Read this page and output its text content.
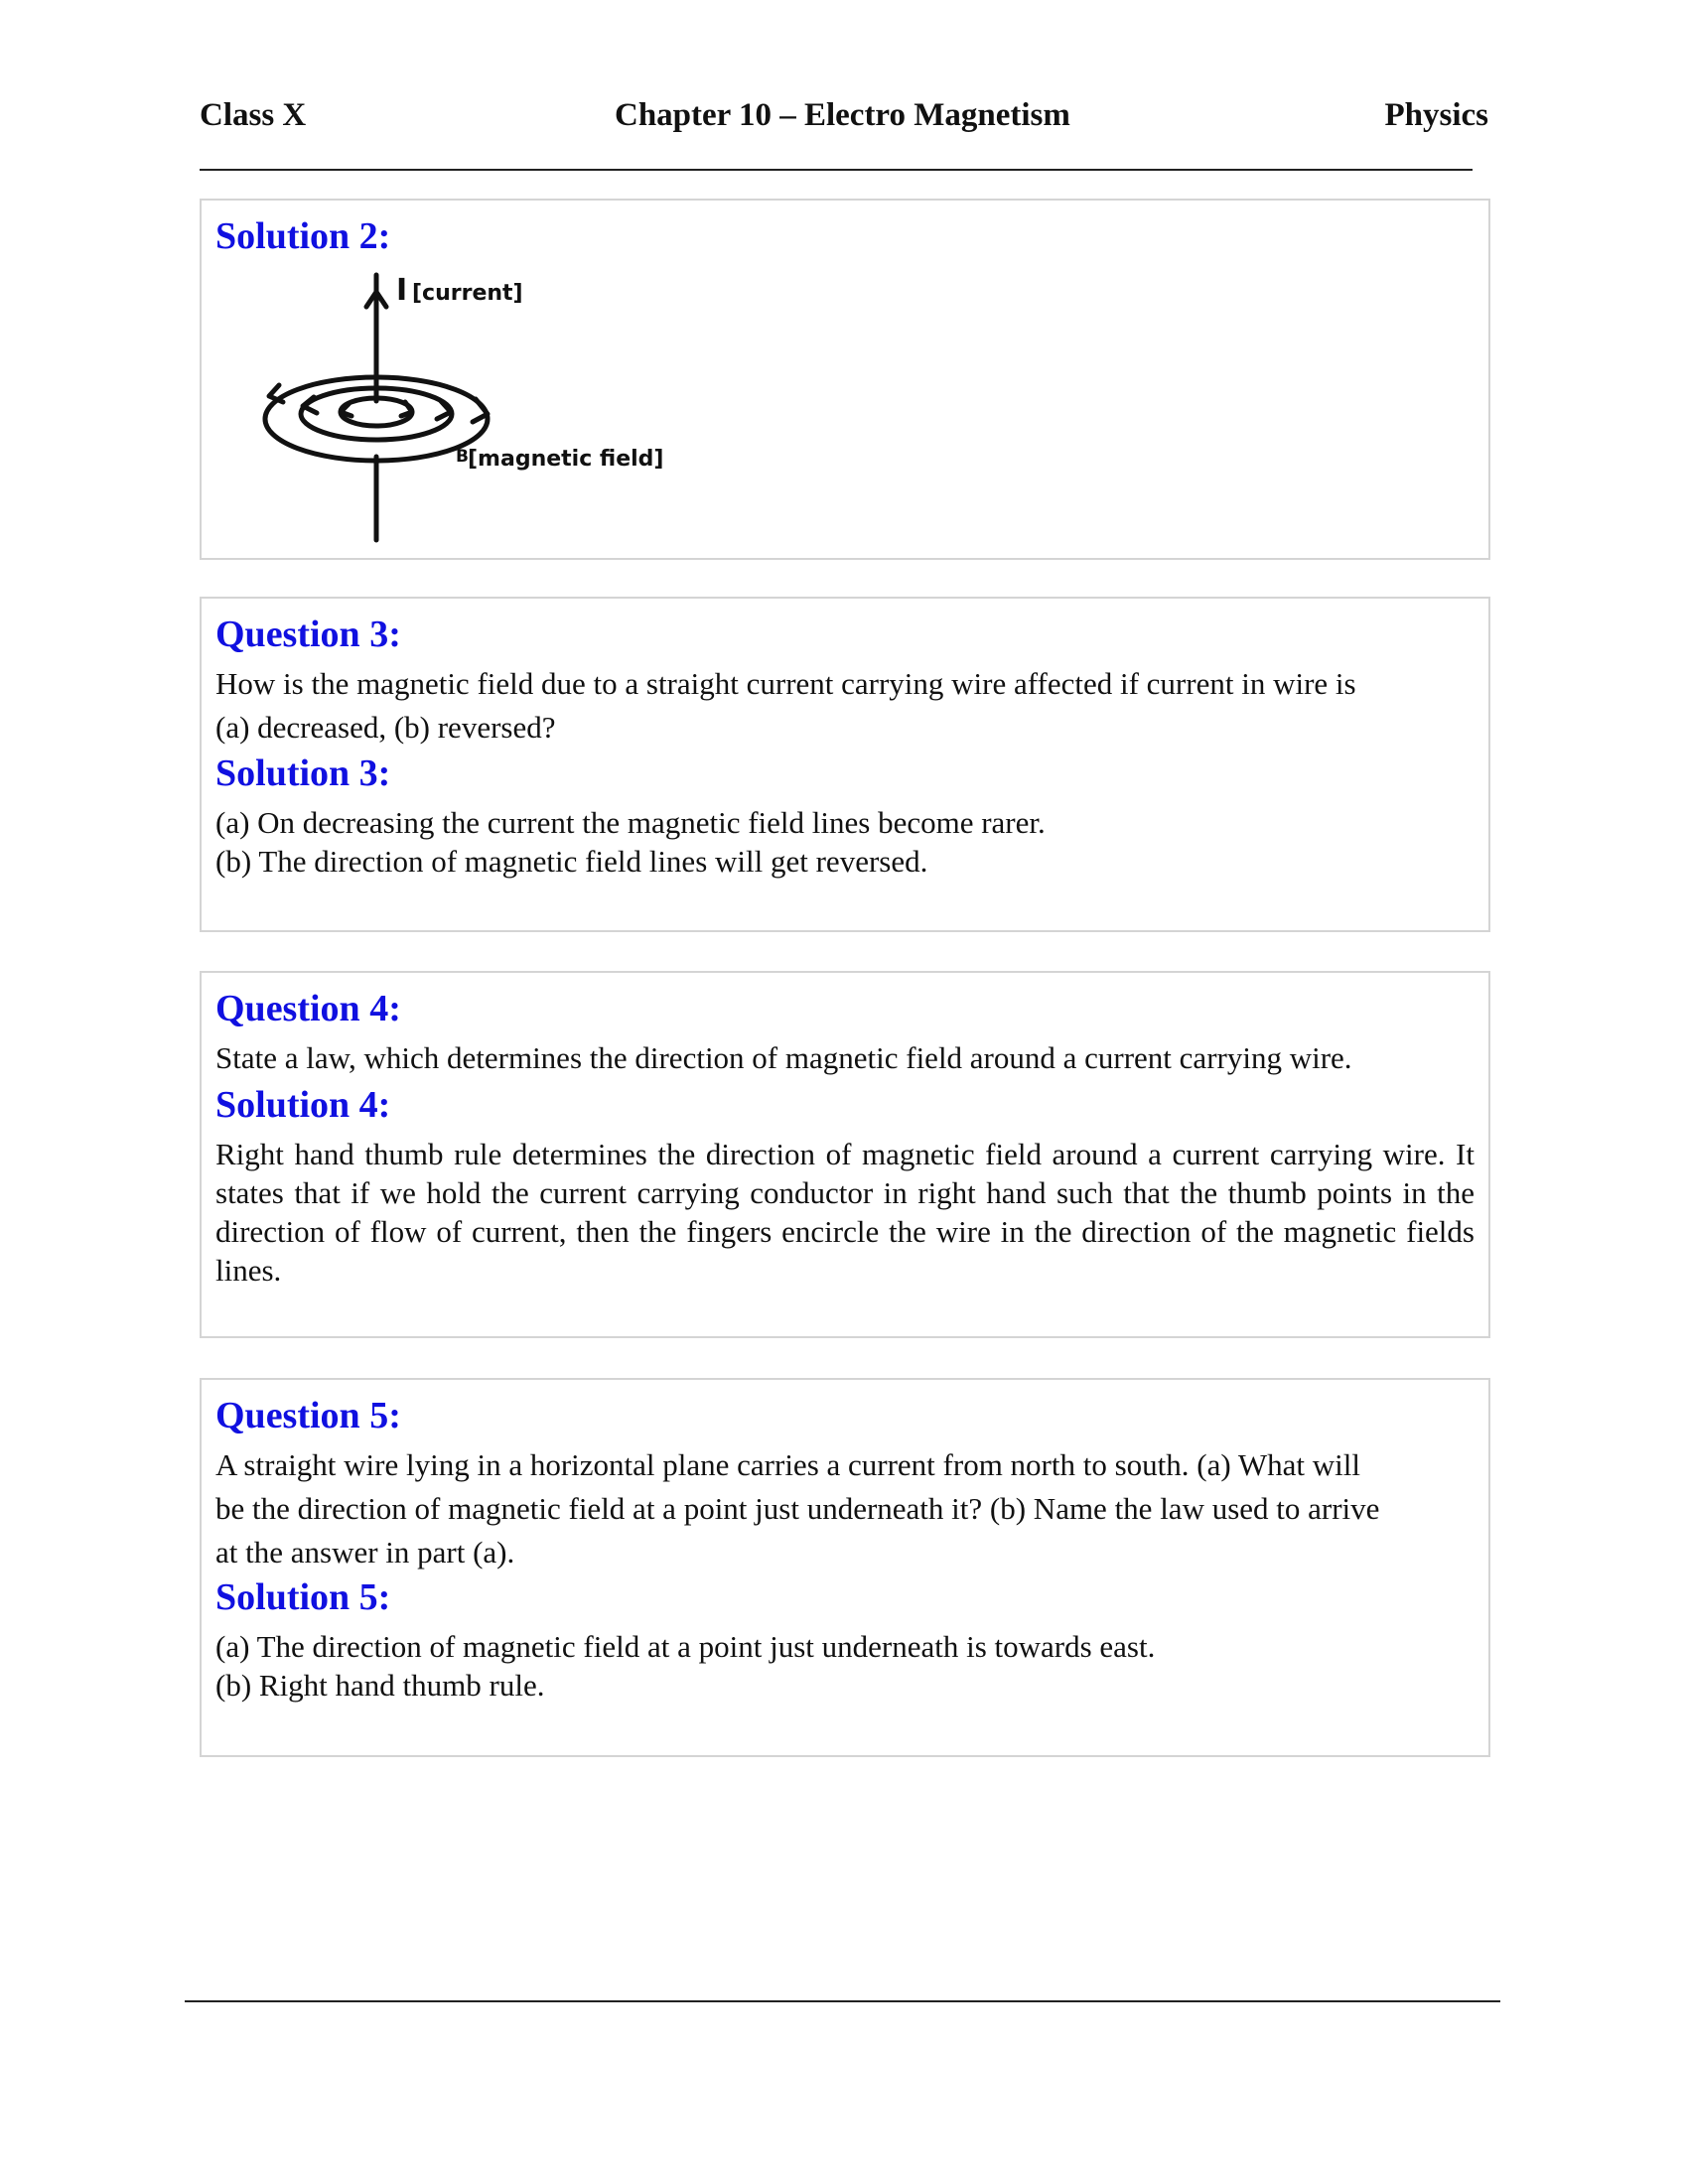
Class X	Chapter 10 – Electro Magnetism	Physics
Solution 2:
I [current]
B [magnetic field]
Question 3:
How is the magnetic field due to a straight current carrying wire affected if current in wire is
(a) decreased, (b) reversed?
Solution 3:
(a) On decreasing the current the magnetic field lines become rarer.
(b) The direction of magnetic field lines will get reversed.
Question 4:
State a law, which determines the direction of magnetic field around a current carrying wire.
Solution 4:
Right hand thumb rule determines the direction of magnetic field around a current carrying wire. It states that if we hold the current carrying conductor in right hand such that the thumb points in the direction of flow of current, then the fingers encircle the wire in the direction of the magnetic fields lines.
Question 5:
A straight wire lying in a horizontal plane carries a current from north to south. (a) What will
be the direction of magnetic field at a point just underneath it? (b) Name the law used to arrive
at the answer in part (a).
Solution 5:
(a) The direction of magnetic field at a point just underneath is towards east.
(b) Right hand thumb rule.
